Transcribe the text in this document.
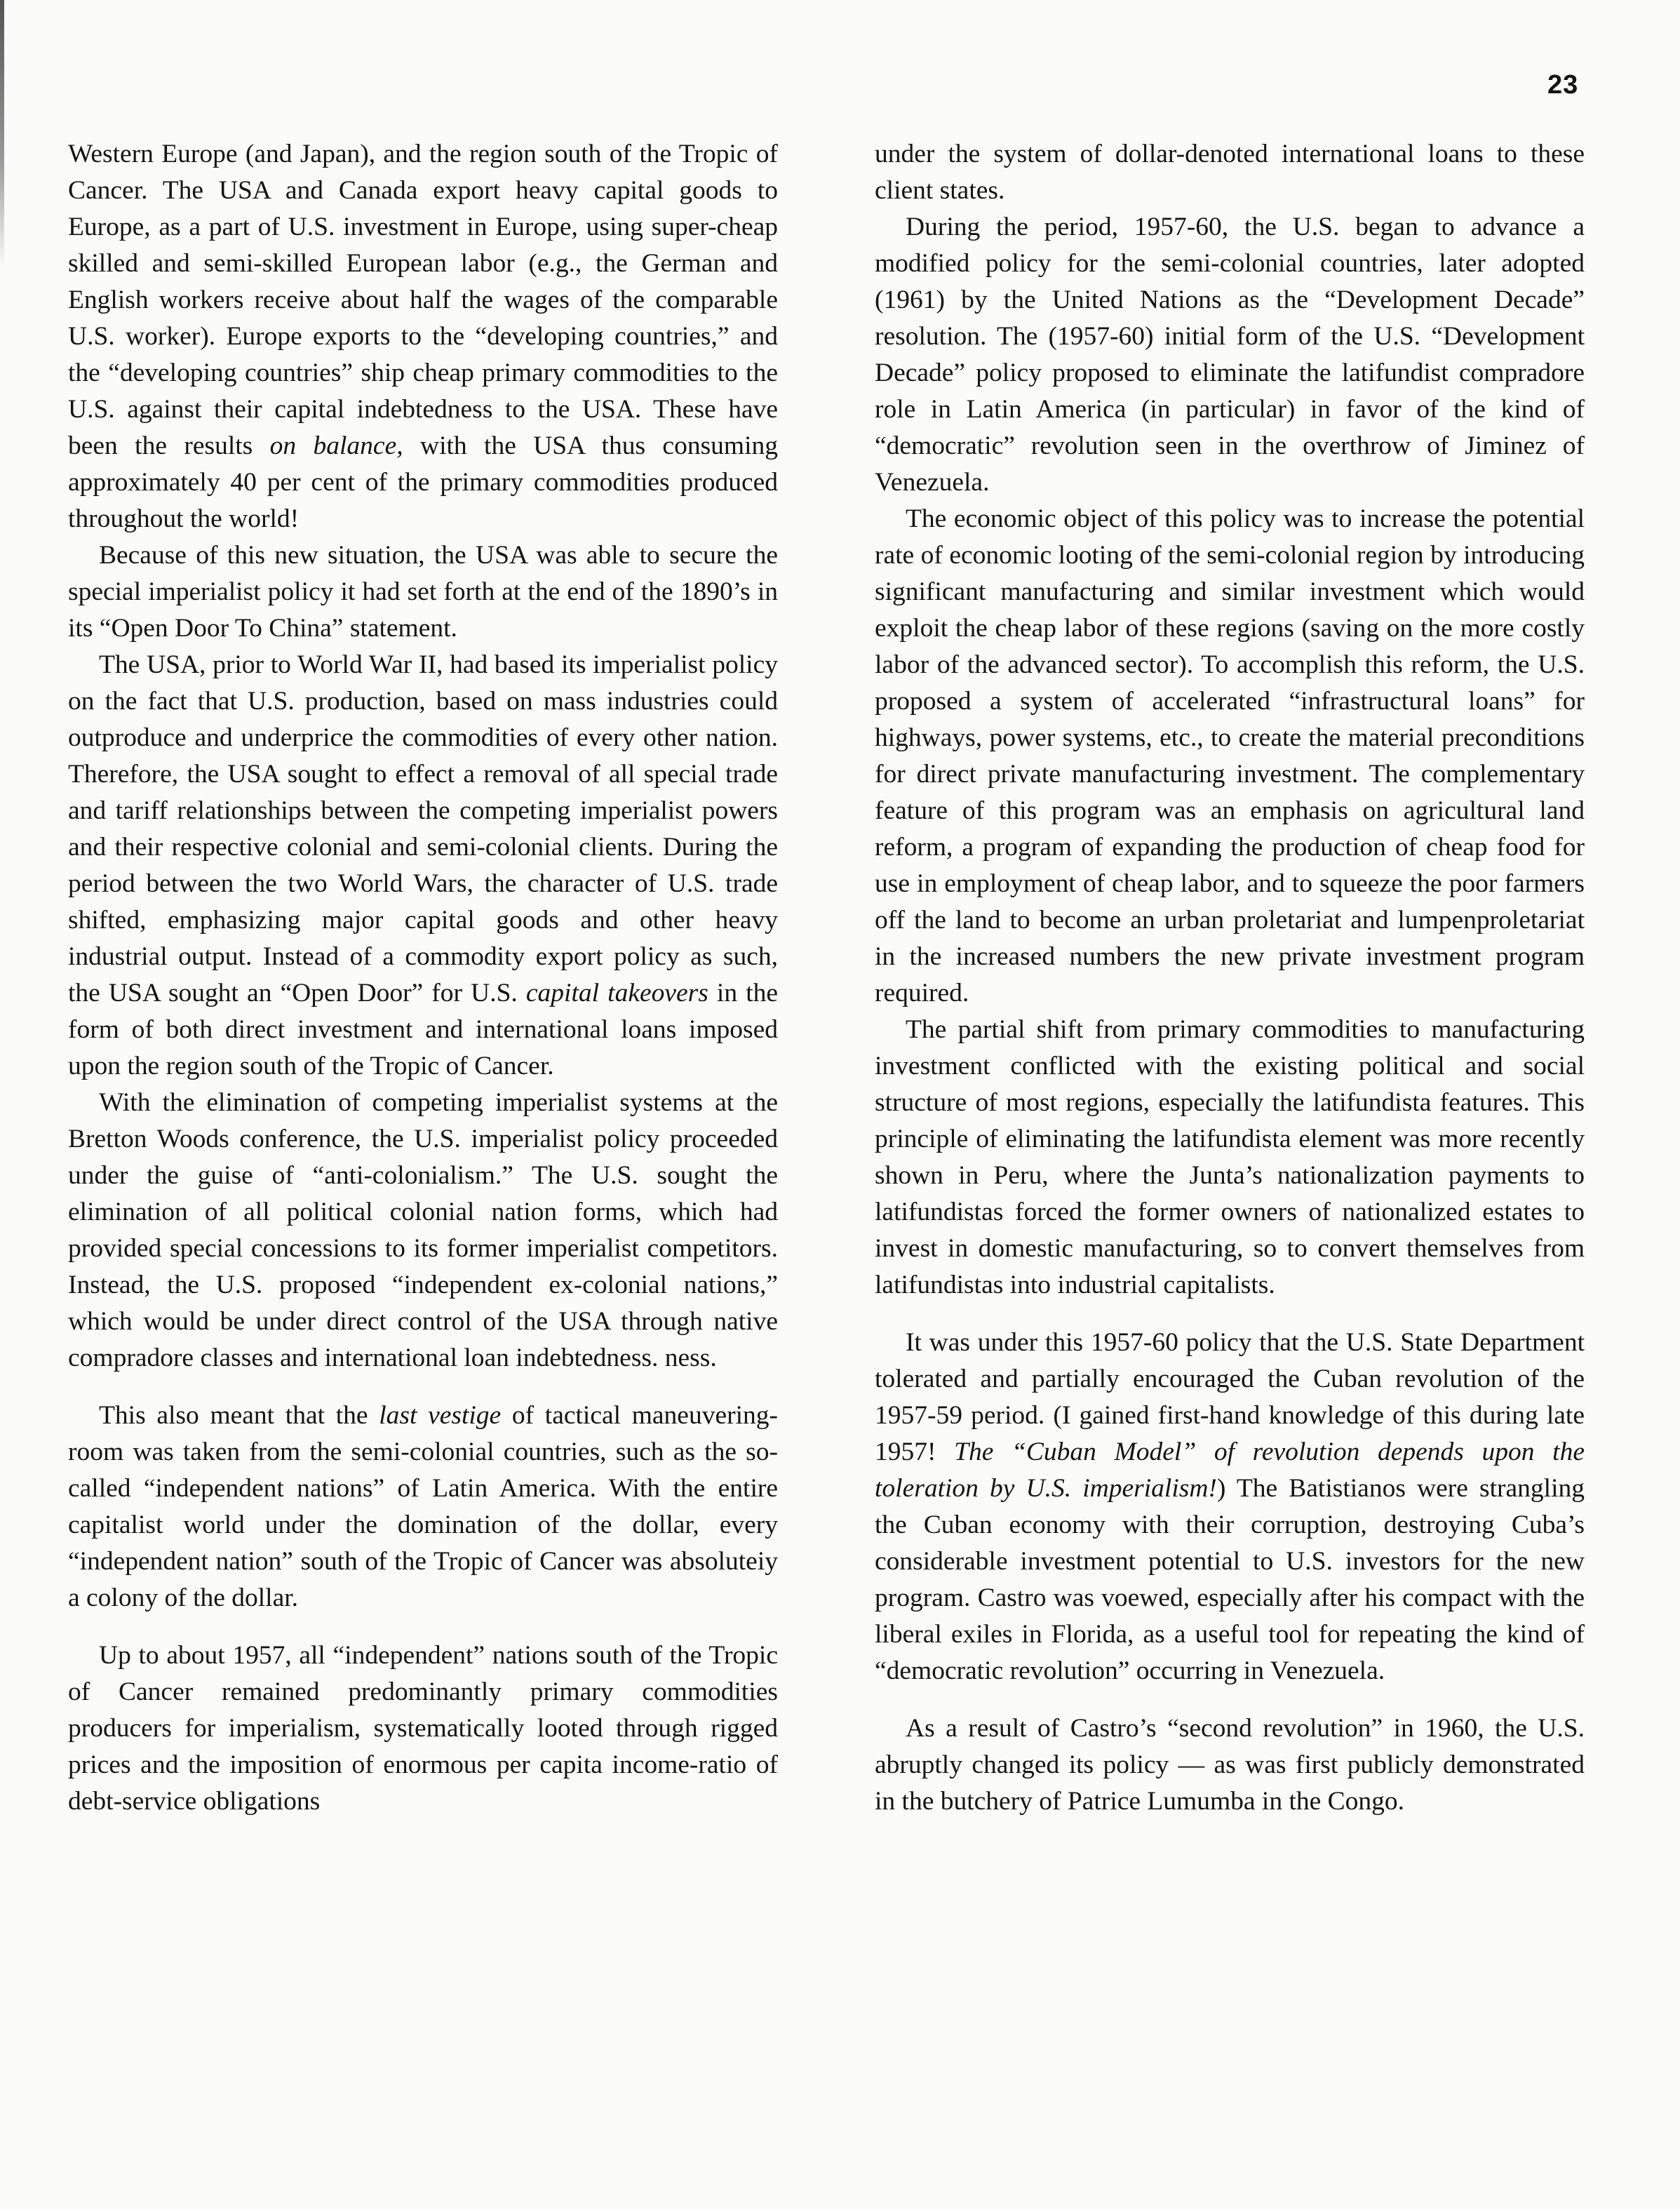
23

Western Europe (and Japan), and the region south of the Tropic of Cancer. The USA and Canada export heavy capital goods to Europe, as a part of U.S. investment in Europe, using super-cheap skilled and semi-skilled European labor (e.g., the German and English workers receive about half the wages of the comparable U.S. worker). Europe exports to the “developing countries,” and the “developing countries” ship cheap primary commodities to the U.S. against their capital indebtedness to the USA. These have been the results on balance, with the USA thus consuming approximately 40 per cent of the primary commodities produced throughout the world!

Because of this new situation, the USA was able to secure the special imperialist policy it had set forth at the end of the 1890’s in its “Open Door To China” statement.

The USA, prior to World War II, had based its imperialist policy on the fact that U.S. production, based on mass industries could outproduce and underprice the commodities of every other nation. Therefore, the USA sought to effect a removal of all special trade and tariff relationships between the competing imperialist powers and their respective colonial and semi-colonial clients. During the period between the two World Wars, the character of U.S. trade shifted, emphasizing major capital goods and other heavy industrial output. Instead of a commodity export policy as such, the USA sought an “Open Door” for U.S. capital takeovers in the form of both direct investment and international loans imposed upon the region south of the Tropic of Cancer.

With the elimination of competing imperialist systems at the Bretton Woods conference, the U.S. imperialist policy proceeded under the guise of “anti-colonialism.” The U.S. sought the elimination of all political colonial nation forms, which had provided special concessions to its former imperialist competitors. Instead, the U.S. proposed “independent ex-colonial nations,” which would be under direct control of the USA through native compradore classes and international loan indebtedness. ness.

This also meant that the last vestige of tactical maneuvering-room was taken from the semi-colonial countries, such as the so-called “independent nations” of Latin America. With the entire capitalist world under the domination of the dollar, every “independent nation” south of the Tropic of Cancer was absoluteiy a colony of the dollar.

Up to about 1957, all “independent” nations south of the Tropic of Cancer remained predominantly primary commodities producers for imperialism, systematically looted through rigged prices and the imposition of enormous per capita income-ratio of debt-service obligations

under the system of dollar-denoted international loans to these client states.

During the period, 1957-60, the U.S. began to advance a modified policy for the semi-colonial countries, later adopted (1961) by the United Nations as the “Development Decade” resolution. The (1957-60) initial form of the U.S. “Development Decade” policy proposed to eliminate the latifundist compradore role in Latin America (in particular) in favor of the kind of “democratic” revolution seen in the overthrow of Jiminez of Venezuela.

The economic object of this policy was to increase the potential rate of economic looting of the semi-colonial region by introducing significant manufacturing and similar investment which would exploit the cheap labor of these regions (saving on the more costly labor of the advanced sector). To accomplish this reform, the U.S. proposed a system of accelerated “infrastructural loans” for highways, power systems, etc., to create the material preconditions for direct private manufacturing investment. The complementary feature of this program was an emphasis on agricultural land reform, a program of expanding the production of cheap food for use in employment of cheap labor, and to squeeze the poor farmers off the land to become an urban proletariat and lumpenproletariat in the increased numbers the new private investment program required.

The partial shift from primary commodities to manufacturing investment conflicted with the existing political and social structure of most regions, especially the latifundista features. This principle of eliminating the latifundista element was more recently shown in Peru, where the Junta’s nationalization payments to latifundistas forced the former owners of nationalized estates to invest in domestic manufacturing, so to convert themselves from latifundistas into industrial capitalists.

It was under this 1957-60 policy that the U.S. State Department tolerated and partially encouraged the Cuban revolution of the 1957-59 period. (I gained first-hand knowledge of this during late 1957! The “Cuban Model” of revolution depends upon the toleration by U.S. imperialism!) The Batistianos were strangling the Cuban economy with their corruption, destroying Cuba’s considerable investment potential to U.S. investors for the new program. Castro was voewed, especially after his compact with the liberal exiles in Florida, as a useful tool for repeating the kind of “democratic revolution” occurring in Venezuela.

As a result of Castro’s “second revolution” in 1960, the U.S. abruptly changed its policy — as was first publicly demonstrated in the butchery of Patrice Lumumba in the Congo.
